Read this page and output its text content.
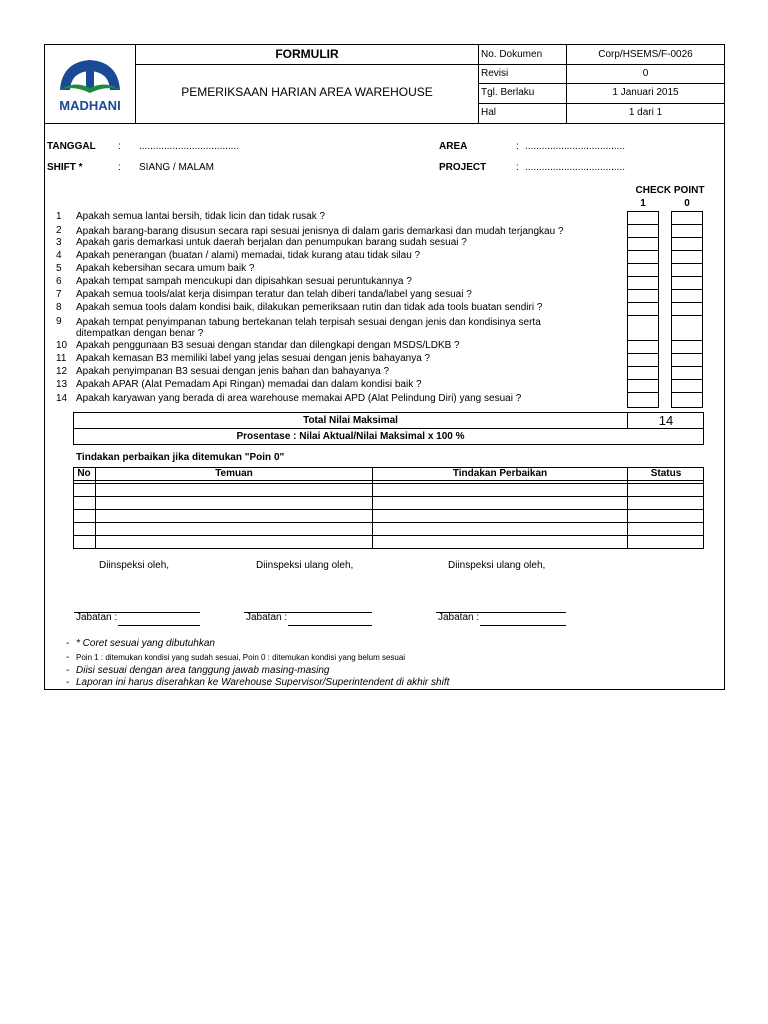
MADHANI
FORMULIR
PEMERIKSAAN HARIAN AREA WAREHOUSE
No. Dokumen	Corp/HSEMS/F-0026
Revisi	0
Tgl. Berlaku	1 Januari 2015
Hal	1 dari 1
TANGGAL : ....................................
SHIFT *	: SIANG / MALAM
AREA	: ....................................
PROJECT	: ....................................
CHECK POINT
1	0
1 Apakah semua lantai bersih, tidak licin dan tidak rusak ?
2 Apakah barang-barang disusun secara rapi sesuai jenisnya di dalam garis demarkasi dan mudah terjangkau ?
3 Apakah garis demarkasi untuk daerah berjalan dan penumpukan barang sudah sesuai ?
4 Apakah penerangan (buatan / alami) memadai, tidak kurang atau tidak silau ?
5 Apakah kebersihan secara umum baik ?
6 Apakah tempat sampah mencukupi dan dipisahkan sesuai peruntukannya ?
7 Apakah semua tools/alat kerja disimpan teratur dan telah diberi tanda/label yang sesuai ?
8 Apakah semua tools dalam kondisi baik, dilakukan pemeriksaan rutin dan tidak ada tools buatan sendiri ?
9 Apakah tempat penyimpanan tabung bertekanan telah terpisah sesuai dengan jenis dan kondisinya serta
ditempatkan dengan benar ?
10 Apakah penggunaan B3 sesuai dengan standar dan dilengkapi dengan MSDS/LDKB ?
11 Apakah kemasan B3 memiliki label yang jelas sesuai dengan jenis bahayanya ?
12 Apakah penyimpanan B3 sesuai dengan jenis bahan dan bahayanya ?
13 Apakah APAR (Alat Pemadam Api Ringan) memadai dan dalam kondisi baik ?
14 Apakah karyawan yang berada di area warehouse memakai APD (Alat Pelindung Diri) yang sesuai ?
Total Nilai Maksimal	14
Prosentase : Nilai Aktual/Nilai Maksimal x 100 %
Tindakan perbaikan jika ditemukan "Poin 0"
No	Temuan	Tindakan Perbaikan	Status
Diinspeksi oleh,	Diinspeksi ulang oleh,	Diinspeksi ulang oleh,
Jabatan :	Jabatan :	Jabatan :
- * Coret sesuai yang dibutuhkan
- Poin 1 : ditemukan kondisi yang sudah sesuai, Poin 0 : ditemukan kondisi yang belum sesuai
- Diisi sesuai dengan area tanggung jawab masing-masing
- Laporan ini harus diserahkan ke Warehouse Supervisor/Superintendent di akhir shift
